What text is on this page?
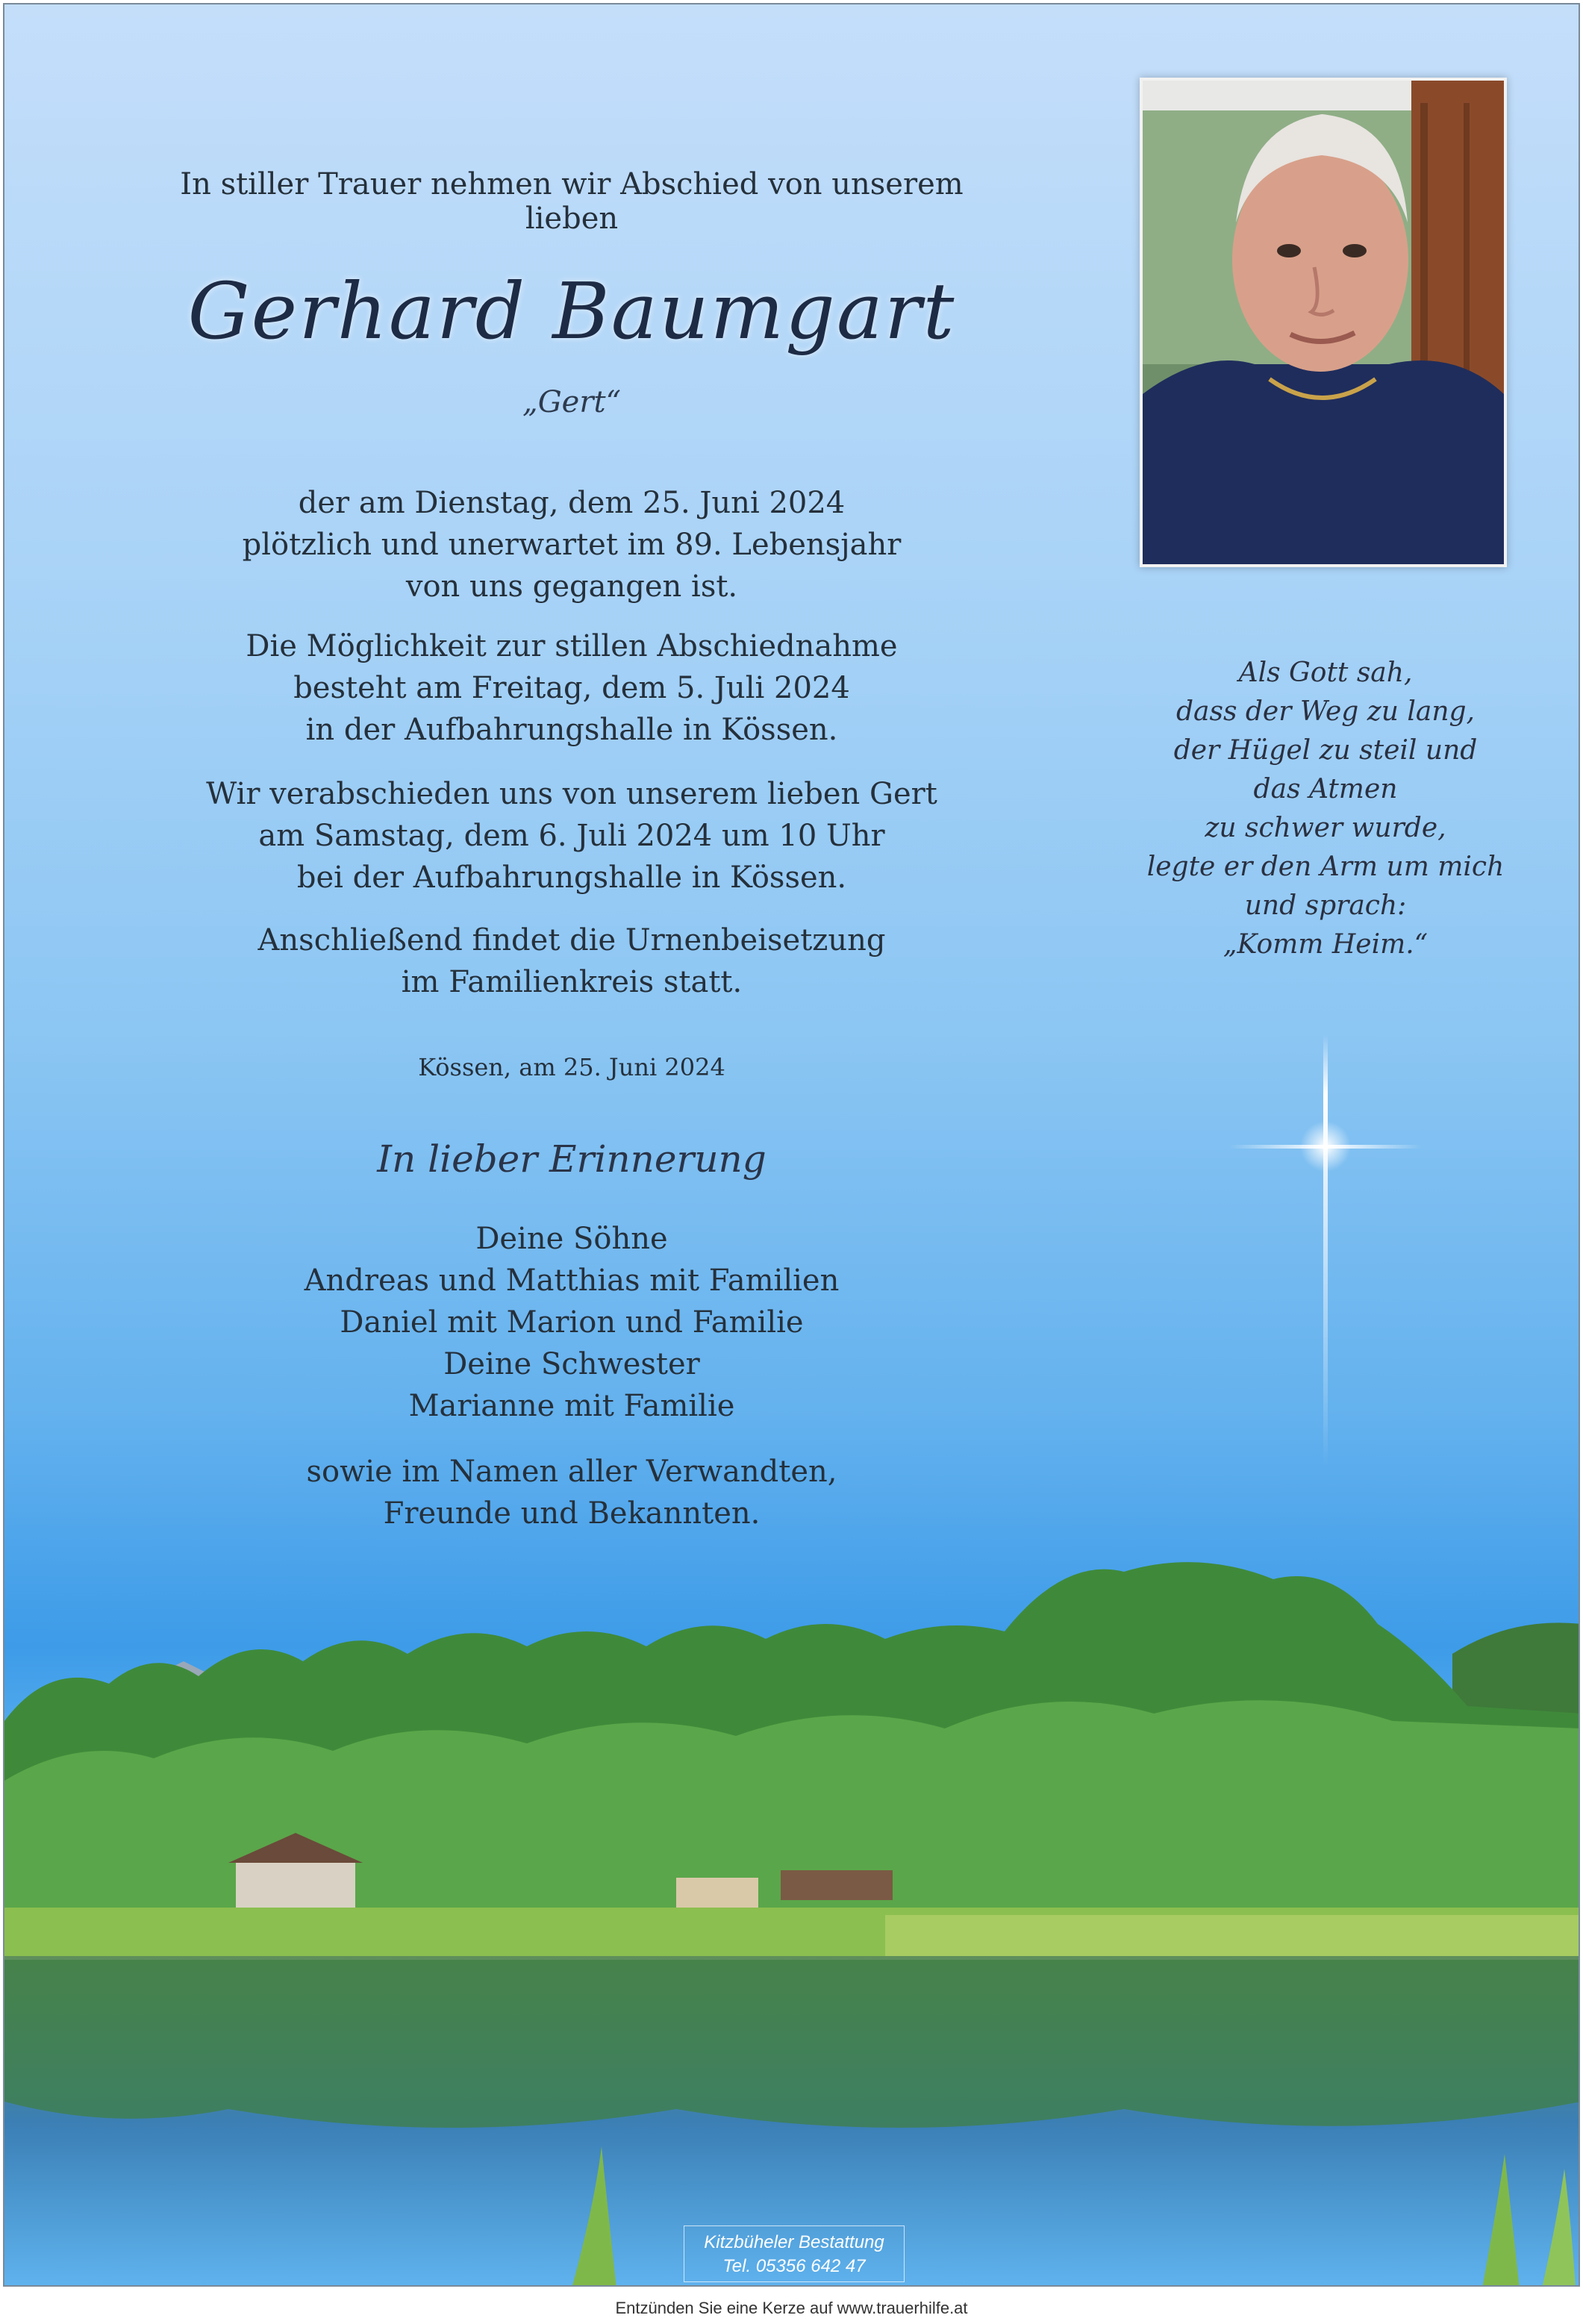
In stiller Trauer nehmen wir Abschied von unserem lieben
Gerhard Baumgart
„Gert“
der am Dienstag, dem 25. Juni 2024
plötzlich und unerwartet im 89. Lebensjahr
von uns gegangen ist.
Die Möglichkeit zur stillen Abschiednahme
besteht am Freitag, dem 5. Juli 2024
in der Aufbahrungshalle in Kössen.
Wir verabschieden uns von unserem lieben Gert
am Samstag, dem 6. Juli 2024 um 10 Uhr
bei der Aufbahrungshalle in Kössen.
Anschließend findet die Urnenbeisetzung
im Familienkreis statt.
Kössen, am 25. Juni 2024
In lieber Erinnerung
Deine Söhne
Andreas und Matthias mit Familien
Daniel mit Marion und Familie
Deine Schwester
Marianne mit Familie
sowie im Namen aller Verwandten,
Freunde und Bekannten.
Als Gott sah,
dass der Weg zu lang,
der Hügel zu steil und
das Atmen
zu schwer wurde,
legte er den Arm um mich
und sprach:
„Komm Heim.“
Kitzbüheler Bestattung
Tel. 05356 642 47
Entzünden Sie eine Kerze auf www.trauerhilfe.at
